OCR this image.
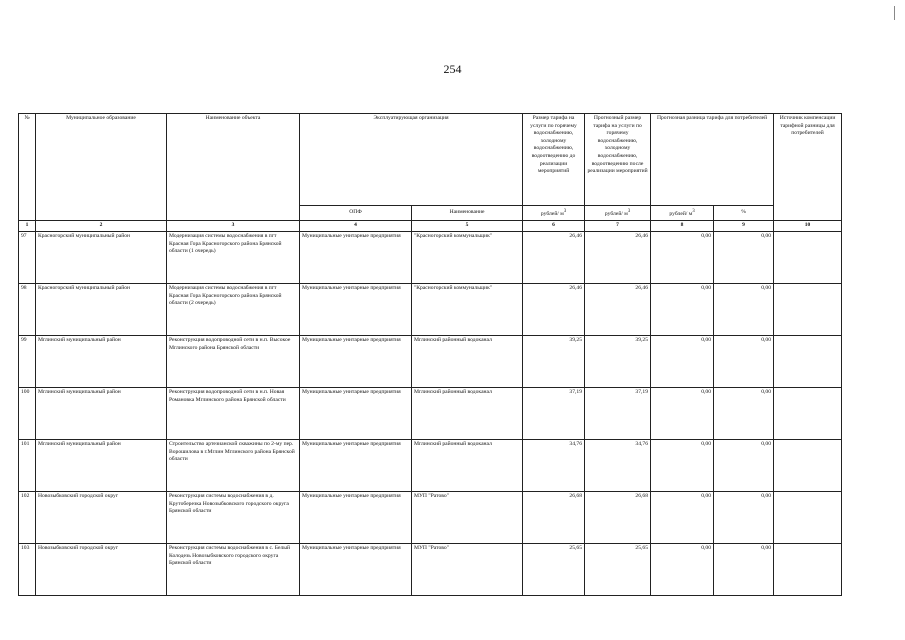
254
№	Муниципальное образование	Наименование объекта	Эксплуатирующая организация		Размер тарифа на услуги по горячему водоснабжению, холодному водоснабжению, водоотведению до реализации мероприятий	Прогнозный размер тарифа на услуги по горячему водоснабжению, холодному водоснабжению, водоотведению после реализации мероприятий	Прогнозная разница тарифа для потребителей		Источник компенсации тарифной разницы для потребителей
			ОПФ	Наименование	рублей/ $м^3$	рублей/ $м^3$	рублей/ $м^3$	%	
1	2	3	4	5	6	7	8	9	10
97	Красногорский муниципальный район	Модернизация системы водоснабжения в пгт Красная Гора Красногорского района Брянской области (1 очередь)	Муниципальные унитарные предприятия	"Красногорский коммунальщик"	26,46	26,46	0,00	0,00	
98	Красногорский муниципальный район	Модернизация системы водоснабжения в пгт Красная Гора Красногорского района Брянской области (2 очередь)	Муниципальные унитарные предприятия	"Красногорский коммунальщик"	26,46	26,46	0,00	0,00	
99	Мглинский муниципальный район	Реконструкция водопроводной сети в н.п. Высокое Мглинского района Брянской области	Муниципальные унитарные предприятия	Мглинский районный водоканал	39,25	39,25	0,00	0,00	
100	Мглинский муниципальный район	Реконструкция водопроводной сети в н.п. Новая Романовка Мглинского района Брянской области	Муниципальные унитарные предприятия	Мглинский районный водоканал	37,19	37,19	0,00	0,00	
101	Мглинский муниципальный район	Строительство артезианской скважины по 2-му пер. Ворошилова в г.Мглин Мглинского района Брянской области	Муниципальные унитарные предприятия	Мглинский районный водоканал	34,76	34,76	0,00	0,00	
102	Новозыбковский городской округ	Реконструкция системы водоснабжения в д. Крутоберезка Новозыбковского городского округа Брянской области	Муниципальные унитарные предприятия	МУП "Ратово"	26,68	26,68	0,00	0,00	
103	Новозыбковский городской округ	Реконструкция системы водоснабжения в с. Белый Колодезь Новозыбковского городского округа Брянской области	Муниципальные унитарные предприятия	МУП "Ратово"	25,65	25,65	0,00	0,00	
